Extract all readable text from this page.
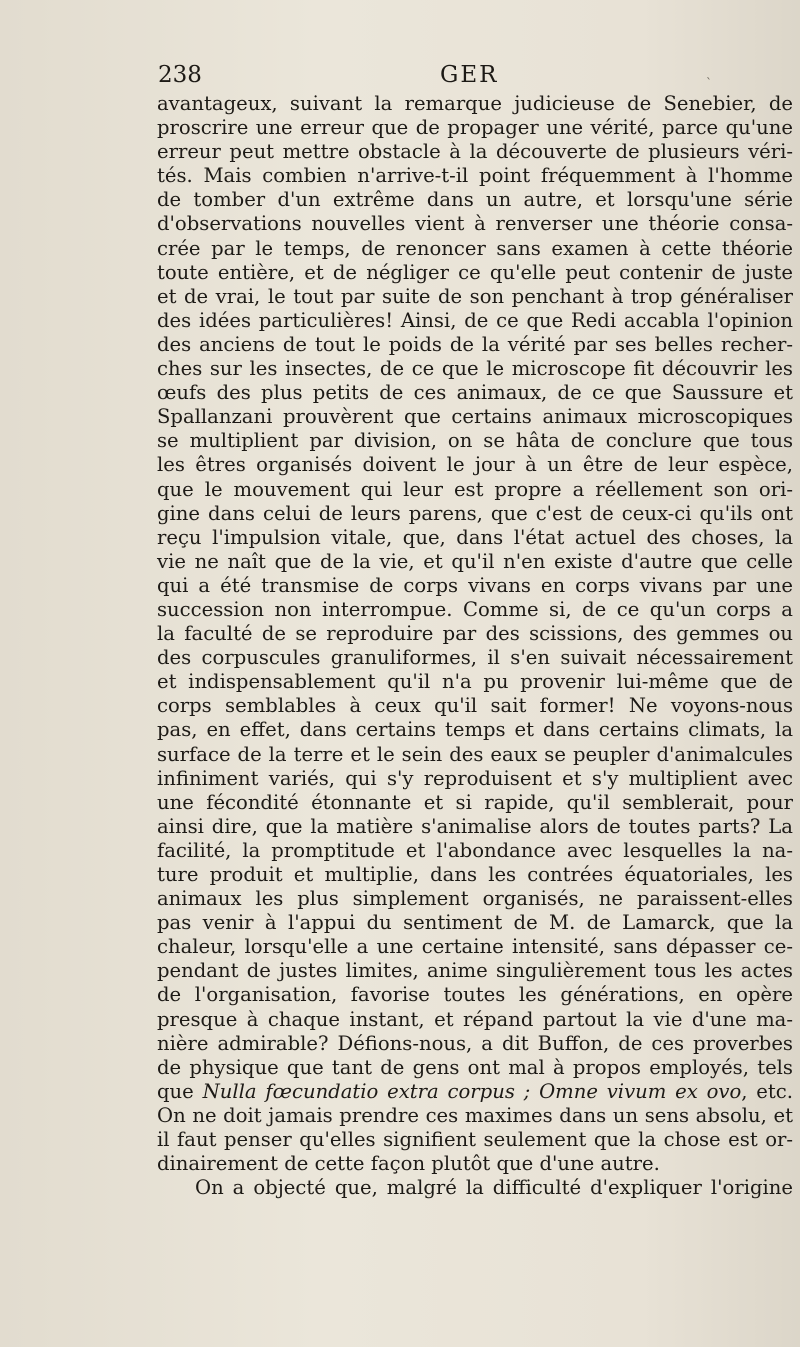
238	GER
avantageux, suivant la remarque judicieuse de Senebier, de
proscrire une erreur que de propager une vérité, parce qu'une
erreur peut mettre obstacle à la découverte de plusieurs véri-
tés. Mais combien n'arrive-t-il point fréquemment à l'homme
de tomber d'un extrême dans un autre, et lorsqu'une série
d'observations nouvelles vient à renverser une théorie consa-
crée par le temps, de renoncer sans examen à cette théorie
toute entière, et de négliger ce qu'elle peut contenir de juste
et de vrai, le tout par suite de son penchant à trop généraliser
des idées particulières! Ainsi, de ce que Redi accabla l'opinion
des anciens de tout le poids de la vérité par ses belles recher-
ches sur les insectes, de ce que le microscope fit découvrir les
œufs des plus petits de ces animaux, de ce que Saussure et
Spallanzani prouvèrent que certains animaux microscopiques
se multiplient par division, on se hâta de conclure que tous
les êtres organisés doivent le jour à un être de leur espèce,
que le mouvement qui leur est propre a réellement son ori-
gine dans celui de leurs parens, que c'est de ceux-ci qu'ils ont
reçu l'impulsion vitale, que, dans l'état actuel des choses, la
vie ne naît que de la vie, et qu'il n'en existe d'autre que celle
qui a été transmise de corps vivans en corps vivans par une
succession non interrompue. Comme si, de ce qu'un corps a
la faculté de se reproduire par des scissions, des gemmes ou
des corpuscules granuliformes, il s'en suivait nécessairement
et indispensablement qu'il n'a pu provenir lui-même que de
corps semblables à ceux qu'il sait former! Ne voyons-nous
pas, en effet, dans certains temps et dans certains climats, la
surface de la terre et le sein des eaux se peupler d'animalcules
infiniment variés, qui s'y reproduisent et s'y multiplient avec
une fécondité étonnante et si rapide, qu'il semblerait, pour
ainsi dire, que la matière s'animalise alors de toutes parts? La
facilité, la promptitude et l'abondance avec lesquelles la na-
ture produit et multiplie, dans les contrées équatoriales, les
animaux les plus simplement organisés, ne paraissent-elles
pas venir à l'appui du sentiment de M. de Lamarck, que la
chaleur, lorsqu'elle a une certaine intensité, sans dépasser ce-
pendant de justes limites, anime singulièrement tous les actes
de l'organisation, favorise toutes les générations, en opère
presque à chaque instant, et répand partout la vie d'une ma-
nière admirable? Défions-nous, a dit Buffon, de ces proverbes
de physique que tant de gens ont mal à propos employés, tels
que Nulla fœcundatio extra corpus ; Omne vivum ex ovo, etc.
On ne doit jamais prendre ces maximes dans un sens absolu, et
il faut penser qu'elles signifient seulement que la chose est or-
dinairement de cette façon plutôt que d'une autre.
On a objecté que, malgré la difficulté d'expliquer l'origine
`
